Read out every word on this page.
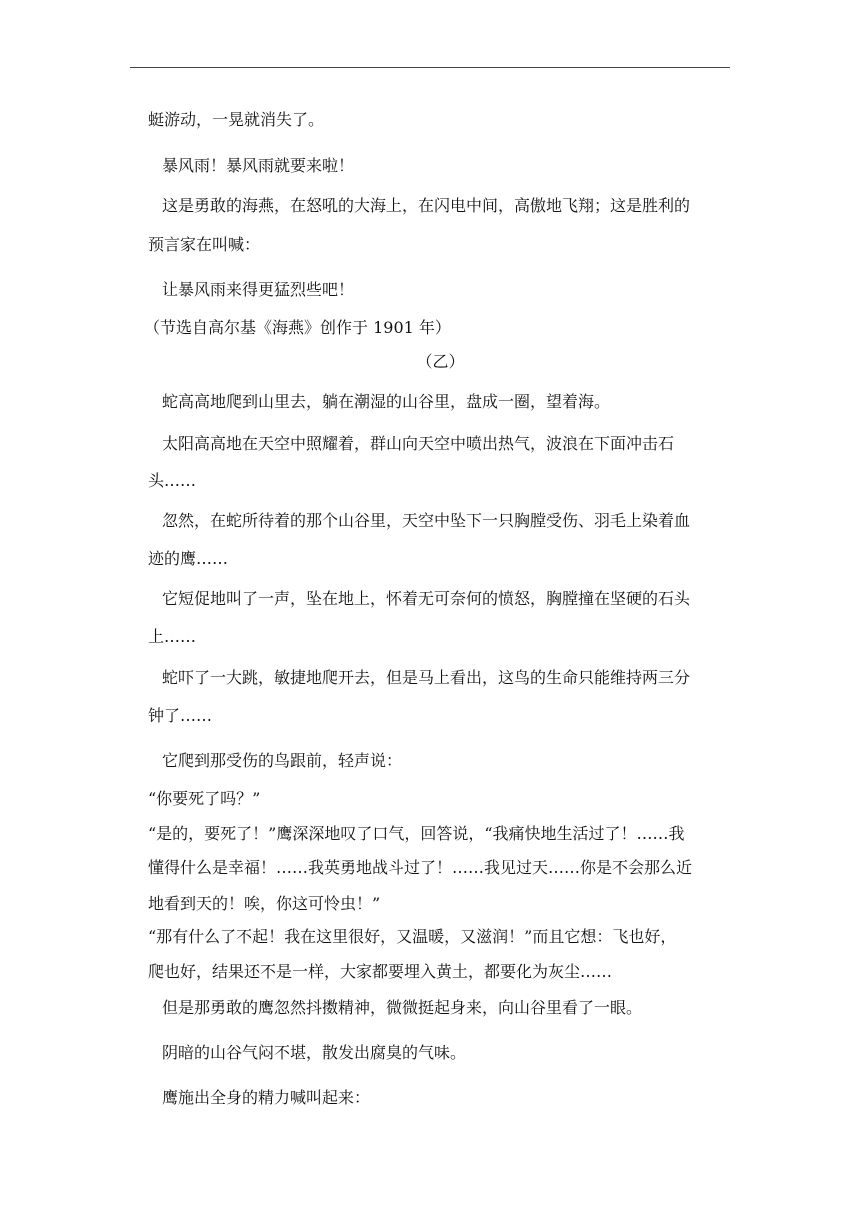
蜓游动，一晃就消失了。
暴风雨！暴风雨就要来啦！
这是勇敢的海燕，在怒吼的大海上，在闪电中间，高傲地飞翔；这是胜利的
预言家在叫喊：
让暴风雨来得更猛烈些吧！
（节选自高尔基《海燕》创作于 1901 年）
（乙）
蛇高高地爬到山里去，躺在潮湿的山谷里，盘成一圈，望着海。
太阳高高地在天空中照耀着，群山向天空中喷出热气，波浪在下面冲击石
头……
忽然，在蛇所待着的那个山谷里，天空中坠下一只胸膛受伤、羽毛上染着血
迹的鹰……
它短促地叫了一声，坠在地上，怀着无可奈何的愤怒，胸膛撞在坚硬的石头
上……
蛇吓了一大跳，敏捷地爬开去，但是马上看出，这鸟的生命只能维持两三分
钟了……
它爬到那受伤的鸟跟前，轻声说：
“你要死了吗？”
“是的，要死了！”鹰深深地叹了口气，回答说，“我痛快地生活过了！……我
懂得什么是幸福！……我英勇地战斗过了！……我见过天……你是不会那么近
地看到天的！唉，你这可怜虫！”
“那有什么了不起！我在这里很好，又温暖，又滋润！”而且它想：飞也好，
爬也好，结果还不是一样，大家都要埋入黄土，都要化为灰尘……
但是那勇敢的鹰忽然抖擞精神，微微挺起身来，向山谷里看了一眼。
阴暗的山谷气闷不堪，散发出腐臭的气味。
鹰施出全身的精力喊叫起来：
